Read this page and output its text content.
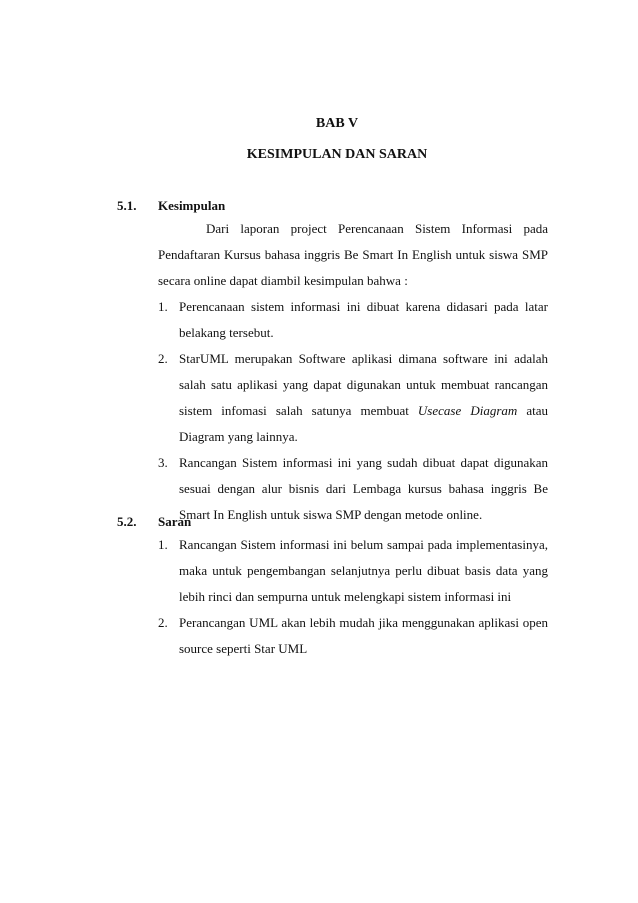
BAB V
KESIMPULAN DAN SARAN
5.1. Kesimpulan
Dari laporan project Perencanaan Sistem Informasi pada Pendaftaran Kursus bahasa inggris Be Smart In English untuk siswa SMP secara online dapat diambil kesimpulan bahwa :
1. Perencanaan sistem informasi ini dibuat karena didasari pada latar belakang tersebut.
2. StarUML merupakan Software aplikasi dimana software ini adalah salah satu aplikasi yang dapat digunakan untuk membuat rancangan sistem infomasi salah satunya membuat Usecase Diagram atau Diagram yang lainnya.
3. Rancangan Sistem informasi ini yang sudah dibuat dapat digunakan sesuai dengan alur bisnis dari Lembaga kursus bahasa inggris Be Smart In English untuk siswa SMP dengan metode online.
5.2. Saran
1. Rancangan Sistem informasi ini belum sampai pada implementasinya, maka untuk pengembangan selanjutnya perlu dibuat basis data yang lebih rinci dan sempurna untuk melengkapi sistem informasi ini
2. Perancangan UML akan lebih mudah jika menggunakan aplikasi open source seperti Star UML
